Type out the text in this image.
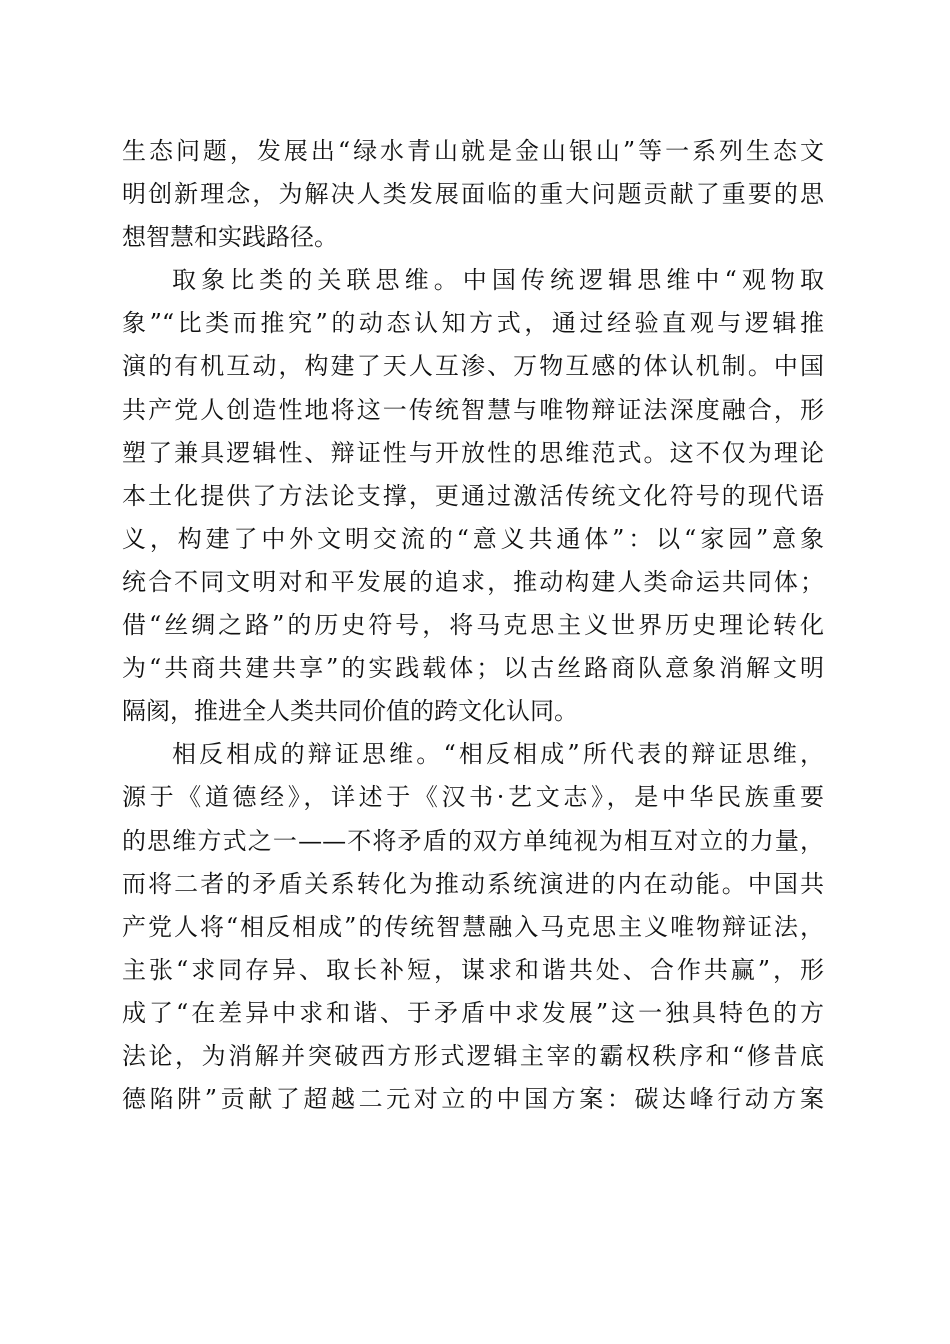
生态问题，发展出“绿水青山就是金山银山”等一系列生态文
明创新理念，为解决人类发展面临的重大问题贡献了重要的思
想智慧和实践路径。
取象比类的关联思维。中国传统逻辑思维中“观物取
象”“比类而推究”的动态认知方式，通过经验直观与逻辑推
演的有机互动，构建了天人互渗、万物互感的体认机制。中国
共产党人创造性地将这一传统智慧与唯物辩证法深度融合，形
塑了兼具逻辑性、辩证性与开放性的思维范式。这不仅为理论
本土化提供了方法论支撑，更通过激活传统文化符号的现代语
义，构建了中外文明交流的“意义共通体”：以“家园”意象
统合不同文明对和平发展的追求，推动构建人类命运共同体；
借“丝绸之路”的历史符号，将马克思主义世界历史理论转化
为“共商共建共享”的实践载体；以古丝路商队意象消解文明
隔阂，推进全人类共同价值的跨文化认同。
相反相成的辩证思维。“相反相成”所代表的辩证思维，
源于《道德经》，详述于《汉书·艺文志》，是中华民族重要
的思维方式之一——不将矛盾的双方单纯视为相互对立的力量，
而将二者的矛盾关系转化为推动系统演进的内在动能。中国共
产党人将“相反相成”的传统智慧融入马克思主义唯物辩证法，
主张“求同存异、取长补短，谋求和谐共处、合作共赢”，形
成了“在差异中求和谐、于矛盾中求发展”这一独具特色的方
法论，为消解并突破西方形式逻辑主宰的霸权秩序和“修昔底
德陷阱”贡献了超越二元对立的中国方案：碳达峰行动方案
